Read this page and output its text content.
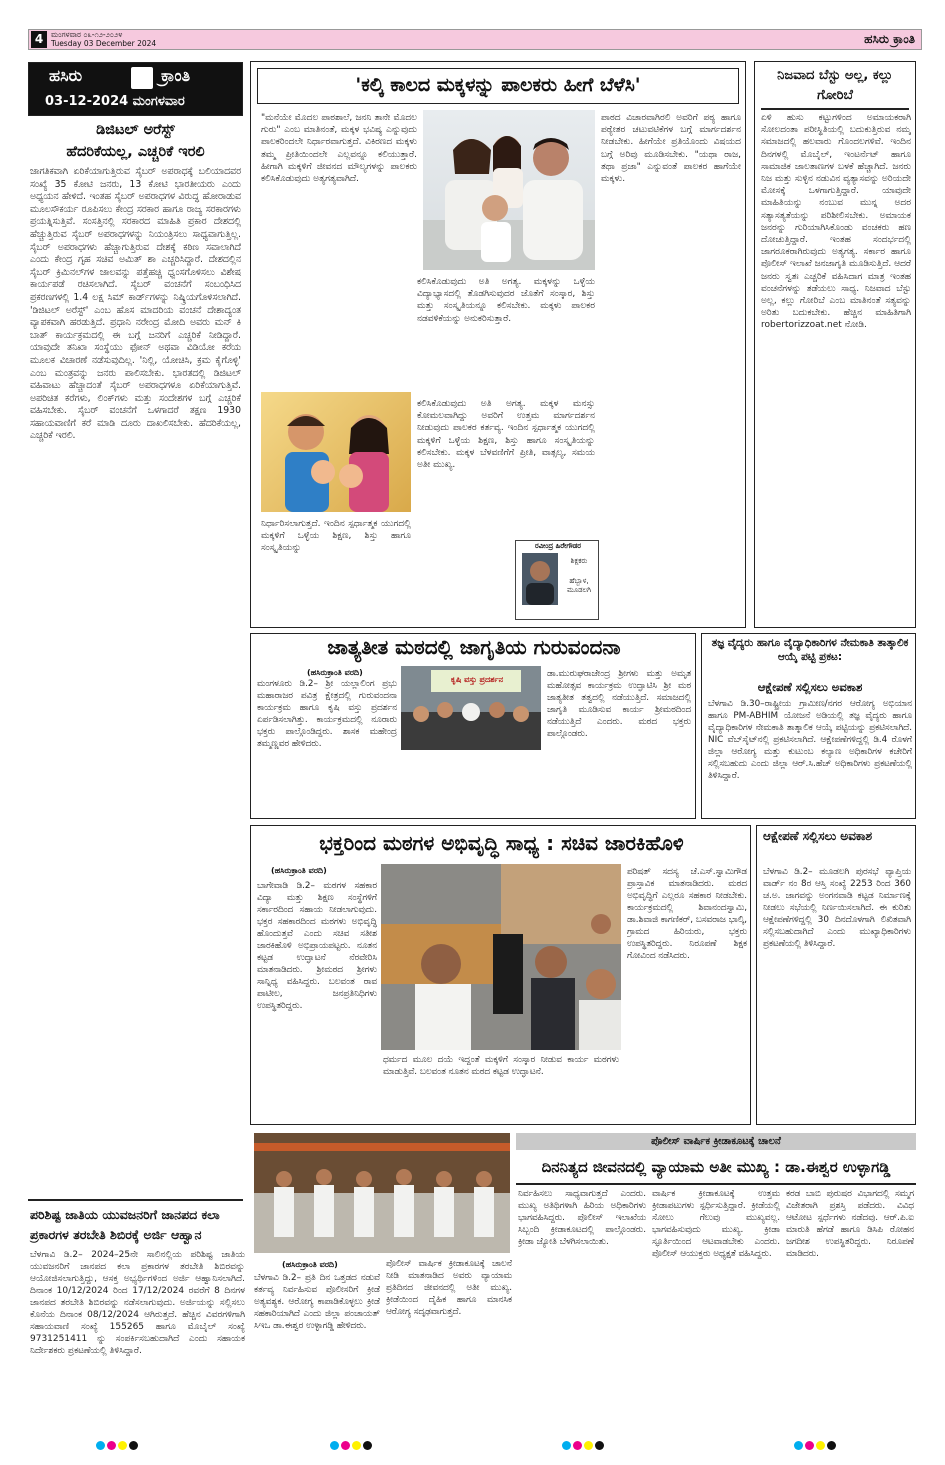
4	ಮಂಗಳವಾರ ೦೩-೧೨-೨೦೨೪
Tuesday 03 December 2024	ಹಸಿರು ಕ್ರಾಂತಿ
ಹಸಿರು	ಕ್ರಾಂತಿ
03-12-2024 ಮಂಗಳವಾರ
ಡಿಜಿಟಲ್ ಅರೆಸ್ಟ್
ಹೆದರಿಕೆಯಲ್ಲ, ಎಚ್ಚರಿಕೆ ಇರಲಿ
ಜಾಗತಿಕವಾಗಿ ಏರಿಕೆಯಾಗುತ್ತಿರುವ ಸೈಬರ್ ಅಪರಾಧಕ್ಕೆ ಬಲಿಯಾದವರ ಸಂಖ್ಯೆ 35 ಕೋಟಿ ಜನರು, 13 ಕೋಟಿ ಭಾರತೀಯರು ಎಂದು ಅಧ್ಯಯನ ಹೇಳಿದೆ. ಇಂತಹ ಸೈಬರ್ ಅಪರಾಧಗಳ ವಿರುದ್ಧ ಹೋರಾಡುವ ಮೂಲಸೌಕರ್ಯ ರೂಪಿಸಲು ಕೇಂದ್ರ ಸರಕಾರ ಹಾಗೂ ರಾಜ್ಯ ಸರಕಾರಗಳು ಪ್ರಯತ್ನಿಸುತ್ತಿವೆ. ಸಂಸತ್ತಿನಲ್ಲಿ ಸರಕಾರದ ಮಾಹಿತಿ ಪ್ರಕಾರ ದೇಶದಲ್ಲಿ ಹೆಚ್ಚುತ್ತಿರುವ ಸೈಬರ್ ಅಪರಾಧಗಳನ್ನು ನಿಯಂತ್ರಿಸಲು ಸಾಧ್ಯವಾಗುತ್ತಿಲ್ಲ. ಸೈಬರ್ ಅಪರಾಧಗಳು ಹೆಚ್ಚಾಗುತ್ತಿರುವ ದೇಶಕ್ಕೆ ಕಠಿಣ ಸವಾಲಾಗಿದೆ ಎಂದು ಕೇಂದ್ರ ಗೃಹ ಸಚಿವ ಅಮಿತ್ ಶಾ ಎಚ್ಚರಿಸಿದ್ದಾರೆ. ದೇಶದಲ್ಲಿನ ಸೈಬರ್ ಕ್ರಿಮಿನಲ್‌ಗಳ ಜಾಲವನ್ನು ಪತ್ತೆಹಚ್ಚಿ ಧ್ವಂಸಗೊಳಿಸಲು ವಿಶೇಷ ಕಾರ್ಯಪಡೆ ರಚಿಸಲಾಗಿದೆ. ಸೈಬರ್ ವಂಚನೆಗೆ ಸಂಬಂಧಿಸಿದ ಪ್ರಕರಣಗಳಲ್ಲಿ 1.4 ಲಕ್ಷ ಸಿಮ್ ಕಾರ್ಡ್‌ಗಳನ್ನು ನಿಷ್ಕ್ರಿಯಗೊಳಿಸಲಾಗಿದೆ. 'ಡಿಜಿಟಲ್ ಅರೆಸ್ಟ್' ಎಂಬ ಹೊಸ ಮಾದರಿಯ ವಂಚನೆ ದೇಶಾದ್ಯಂತ ವ್ಯಾಪಕವಾಗಿ ಹರಡುತ್ತಿದೆ. ಪ್ರಧಾನಿ ನರೇಂದ್ರ ಮೋದಿ ಅವರು ಮನ್ ಕಿ ಬಾತ್ ಕಾರ್ಯಕ್ರಮದಲ್ಲಿ ಈ ಬಗ್ಗೆ ಜನರಿಗೆ ಎಚ್ಚರಿಕೆ ನೀಡಿದ್ದಾರೆ. ಯಾವುದೇ ತನಿಖಾ ಸಂಸ್ಥೆಯು ಫೋನ್ ಅಥವಾ ವಿಡಿಯೋ ಕರೆಯ ಮೂಲಕ ವಿಚಾರಣೆ ನಡೆಸುವುದಿಲ್ಲ. 'ನಿಲ್ಲಿ, ಯೋಚಿಸಿ, ಕ್ರಮ ಕೈಗೊಳ್ಳಿ' ಎಂಬ ಮಂತ್ರವನ್ನು ಜನರು ಪಾಲಿಸಬೇಕು. ಭಾರತದಲ್ಲಿ ಡಿಜಿಟಲ್ ವಹಿವಾಟು ಹೆಚ್ಚಾದಂತೆ ಸೈಬರ್ ಅಪರಾಧಗಳೂ ಏರಿಕೆಯಾಗುತ್ತಿವೆ. ಅಪರಿಚಿತ ಕರೆಗಳು, ಲಿಂಕ್‌ಗಳು ಮತ್ತು ಸಂದೇಶಗಳ ಬಗ್ಗೆ ಎಚ್ಚರಿಕೆ ವಹಿಸಬೇಕು. ಸೈಬರ್ ವಂಚನೆಗೆ ಒಳಗಾದರೆ ತಕ್ಷಣ 1930 ಸಹಾಯವಾಣಿಗೆ ಕರೆ ಮಾಡಿ ದೂರು ದಾಖಲಿಸಬೇಕು. ಹೆದರಿಕೆಯಲ್ಲ, ಎಚ್ಚರಿಕೆ ಇರಲಿ.
ಪರಿಶಿಷ್ಟ ಜಾತಿಯ ಯುವಜನರಿಗೆ ಜಾನಪದ ಕಲಾ ಪ್ರಕಾರಗಳ ತರಬೇತಿ ಶಿಬಿರಕ್ಕೆ ಅರ್ಜಿ ಆಹ್ವಾನ
ಬೆಳಗಾವಿ ಡಿ.2– 2024–25ನೇ ಸಾಲಿನಲ್ಲಿಯ ಪರಿಶಿಷ್ಟ ಜಾತಿಯ ಯುವಜನರಿಗೆ ಜಾನಪದ ಕಲಾ ಪ್ರಕಾರಗಳ ತರಬೇತಿ ಶಿಬಿರವನ್ನು ಆಯೋಜಿಸಲಾಗುತ್ತಿದ್ದು, ಆಸಕ್ತ ಅಭ್ಯರ್ಥಿಗಳಿಂದ ಅರ್ಜಿ ಆಹ್ವಾನಿಸಲಾಗಿದೆ. ದಿನಾಂಕ 10/12/2024 ರಿಂದ 17/12/2024 ರವರೆಗೆ 8 ದಿನಗಳ ಜಾನಪದ ತರಬೇತಿ ಶಿಬಿರವನ್ನು ನಡೆಸಲಾಗುವುದು. ಅರ್ಜಿಯನ್ನು ಸಲ್ಲಿಸಲು ಕೊನೆಯ ದಿನಾಂಕ 08/12/2024 ಆಗಿರುತ್ತದೆ. ಹೆಚ್ಚಿನ ವಿವರಗಳಿಗಾಗಿ ಸಹಾಯವಾಣಿ ಸಂಖ್ಯೆ 155265 ಹಾಗೂ ಮೊಬೈಲ್ ಸಂಖ್ಯೆ 9731251411 ನ್ನು ಸಂಪರ್ಕಿಸಬಹುದಾಗಿದೆ ಎಂದು ಸಹಾಯಕ ನಿರ್ದೇಶಕರು ಪ್ರಕಟಣೆಯಲ್ಲಿ ತಿಳಿಸಿದ್ದಾರೆ.
'ಕಲ್ಕಿ ಕಾಲದ ಮಕ್ಕಳನ್ನು ಪಾಲಕರು ಹೀಗೆ ಬೆಳೆಸಿ'
"ಮನೆಯೇ ಮೊದಲ ಪಾಠಶಾಲೆ, ಜನನಿ ತಾನೇ ಮೊದಲ ಗುರು" ಎಂಬ ಮಾತಿನಂತೆ, ಮಕ್ಕಳ ಭವಿಷ್ಯ ಎನ್ನುವುದು ಪಾಲಕರಿಂದಲೇ ನಿರ್ಧಾರವಾಗುತ್ತದೆ. ವಿಕಿರಣದ ಮಕ್ಕಳು ತಮ್ಮ ಪ್ರೀತಿಯಿಂದಲೇ ಎಲ್ಲವನ್ನೂ ಕಲಿಯುತ್ತಾರೆ. ಹೀಗಾಗಿ ಮಕ್ಕಳಿಗೆ ಜೀವನದ ಮೌಲ್ಯಗಳನ್ನು ಪಾಲಕರು ಕಲಿಸಿಕೊಡುವುದು ಅತ್ಯಗತ್ಯವಾಗಿದೆ.
ಪಾಠದ ವಿಚಾರವಾಗಿರಲಿ ಅವರಿಗೆ ಪಠ್ಯ ಹಾಗೂ ಪಠ್ಯೇತರ ಚಟುವಟಿಕೆಗಳ ಬಗ್ಗೆ ಮಾರ್ಗದರ್ಶನ ನೀಡಬೇಕು. ಹೀಗೆಯೇ ಪ್ರತಿಯೊಂದು ವಿಷಯದ ಬಗ್ಗೆ ಅರಿವು ಮೂಡಿಸಬೇಕು. "ಯಥಾ ರಾಜ, ತಥಾ ಪ್ರಜಾ" ಎನ್ನುವಂತೆ ಪಾಲಕರ ಹಾಗೆಯೇ ಮಕ್ಕಳು.
ಕಲಿಸಿಕೊಡುವುದು ಅತಿ ಅಗತ್ಯ. ಮಕ್ಕಳನ್ನು ಒಳ್ಳೆಯ ವಿದ್ಯಾಭ್ಯಾಸದಲ್ಲಿ ತೊಡಗಿಸುವುದರ ಜೊತೆಗೆ ಸಂಸ್ಕಾರ, ಶಿಸ್ತು ಮತ್ತು ಸಂಸ್ಕೃತಿಯನ್ನೂ ಕಲಿಸಬೇಕು. ಮಕ್ಕಳು ಪಾಲಕರ ನಡವಳಿಕೆಯನ್ನು ಅನುಕರಿಸುತ್ತಾರೆ.
ಕಲಿಸಿಕೊಡುವುದು ಅತಿ ಅಗತ್ಯ. ಮಕ್ಕಳ ಮನಸ್ಸು ಕೋಮಲವಾಗಿದ್ದು ಅವರಿಗೆ ಉತ್ತಮ ಮಾರ್ಗದರ್ಶನ ನೀಡುವುದು ಪಾಲಕರ ಕರ್ತವ್ಯ. ಇಂದಿನ ಸ್ಪರ್ಧಾತ್ಮಕ ಯುಗದಲ್ಲಿ ಮಕ್ಕಳಿಗೆ ಒಳ್ಳೆಯ ಶಿಕ್ಷಣ, ಶಿಸ್ತು ಹಾಗೂ ಸಂಸ್ಕೃತಿಯನ್ನು ಕಲಿಸಬೇಕು. ಮಕ್ಕಳ ಬೆಳವಣಿಗೆಗೆ ಪ್ರೀತಿ, ವಾತ್ಸಲ್ಯ, ಸಮಯ ಅತೀ ಮುಖ್ಯ.
ನಿರ್ಧಾರಿಸಲಾಗುತ್ತದೆ. ಇಂದಿನ ಸ್ಪರ್ಧಾತ್ಮಕ ಯುಗದಲ್ಲಿ ಮಕ್ಕಳಿಗೆ ಒಳ್ಳೆಯ ಶಿಕ್ಷಣ, ಶಿಸ್ತು ಹಾಗೂ ಸಂಸ್ಕೃತಿಯನ್ನು	ರವೀಂದ್ರ ಹಿರೇಗೌಡರ
ಶಿಕ್ಷಕರು
ಹೆಬ್ಬಾಳ, ಮೂಡಲಗಿ
ನಿಜವಾದ ಬೆಸ್ಟು ಅಲ್ಲ, ಕಲ್ಲು ಗೋರಿಬೆ
ಏಳಿ ಹುಸು ಕಟ್ಟುಗಳಿಂದ ಅಮಾಯಕರಾಗಿ ಸೋಲದಂತಾ ಪರೀಸ್ಥಿತಿಯಲ್ಲಿ ಬದುಕುತ್ತಿರುವ ನಮ್ಮ ಸಮಾಜದಲ್ಲಿ ಹಲವಾರು ಗೊಂದಲಗಳಿವೆ. ಇಂದಿನ ದಿನಗಳಲ್ಲಿ ಮೊಬೈಲ್, ಇಂಟರ್ನೆಟ್ ಹಾಗೂ ಸಾಮಾಜಿಕ ಜಾಲತಾಣಗಳ ಬಳಕೆ ಹೆಚ್ಚಾಗಿದೆ. ಜನರು ನಿಜ ಮತ್ತು ಸುಳ್ಳಿನ ನಡುವಿನ ವ್ಯತ್ಯಾಸವನ್ನು ಅರಿಯದೇ ಮೋಸಕ್ಕೆ ಒಳಗಾಗುತ್ತಿದ್ದಾರೆ. ಯಾವುದೇ ಮಾಹಿತಿಯನ್ನು ನಂಬುವ ಮುನ್ನ ಅದರ ಸತ್ಯಾಸತ್ಯತೆಯನ್ನು ಪರಿಶೀಲಿಸಬೇಕು. ಅಮಾಯಕ ಜನರನ್ನು ಗುರಿಯಾಗಿಸಿಕೊಂಡು ವಂಚಕರು ಹಣ ದೋಚುತ್ತಿದ್ದಾರೆ. ಇಂತಹ ಸಂದರ್ಭದಲ್ಲಿ ಜಾಗರೂಕರಾಗಿರುವುದು ಅತ್ಯಗತ್ಯ. ಸರ್ಕಾರ ಹಾಗೂ ಪೊಲೀಸ್ ಇಲಾಖೆ ಜನಜಾಗೃತಿ ಮೂಡಿಸುತ್ತಿದೆ. ಆದರೆ ಜನರು ಸ್ವತಃ ಎಚ್ಚರಿಕೆ ವಹಿಸಿದಾಗ ಮಾತ್ರ ಇಂತಹ ವಂಚನೆಗಳನ್ನು ತಡೆಯಲು ಸಾಧ್ಯ. ನಿಜವಾದ ಬೆಸ್ಟು ಅಲ್ಲ, ಕಲ್ಲು ಗೋರಿಬೆ ಎಂಬ ಮಾತಿನಂತೆ ಸತ್ಯವನ್ನು ಅರಿತು ಬದುಕಬೇಕು. ಹೆಚ್ಚಿನ ಮಾಹಿತಿಗಾಗಿ robertorizzoat.net ನೋಡಿ.
ಜಾತ್ಯತೀತ ಮಠದಲ್ಲಿ ಜಾಗೃತಿಯ ಗುರುವಂದನಾ
(ಹಸಿರುಕ್ರಾಂತಿ ವರದಿ)
ಮಂಗಳೂರು ಡಿ.2– ಶ್ರೀ ಯಲ್ಲಾಲಿಂಗ ಪ್ರಭು ಮಹಾರಾಜರ ಪವಿತ್ರ ಕ್ಷೇತ್ರದಲ್ಲಿ ಗುರುವಂದನಾ ಕಾರ್ಯಕ್ರಮ ಹಾಗೂ ಕೃಷಿ ವಸ್ತು ಪ್ರದರ್ಶನ ಏರ್ಪಡಿಸಲಾಗಿತ್ತು. ಕಾರ್ಯಕ್ರಮದಲ್ಲಿ ನೂರಾರು ಭಕ್ತರು ಪಾಲ್ಗೊಂಡಿದ್ದರು. ಶಾಸಕ ಮಹೇಂದ್ರ ತಮ್ಮಣ್ಣವರ ಹೇಳಿದರು.
ಕೃಷಿ ವಸ್ತು ಪ್ರದರ್ಶನ
ಡಾ.ಮುರುಘರಾಜೇಂದ್ರ ಶ್ರೀಗಳು ಮತ್ತು ಅಮೃತ ಮಹೋತ್ಸವ ಕಾರ್ಯಕ್ರಮ ಉದ್ಘಾಟಿಸಿ ಶ್ರೀ ಮಠ ಜಾತ್ಯತೀತ ತತ್ವದಲ್ಲಿ ನಡೆಯುತ್ತಿದೆ. ಸಮಾಜದಲ್ಲಿ ಜಾಗೃತಿ ಮೂಡಿಸುವ ಕಾರ್ಯ ಶ್ರೀಮಠದಿಂದ ನಡೆಯುತ್ತಿದೆ ಎಂದರು. ಮಠದ ಭಕ್ತರು ಪಾಲ್ಗೊಂಡರು.
ತಜ್ಞ ವೈದ್ಯರು ಹಾಗೂ ವೈದ್ಯಾಧಿಕಾರಿಗಳ ನೇಮಕಾತಿ ತಾತ್ಕಾಲಿಕ ಆಯ್ಕೆ ಪಟ್ಟಿ ಪ್ರಕಟ:
ಆಕ್ಷೇಪಣೆ ಸಲ್ಲಿಸಲು ಅವಕಾಶ
ಬೆಳಗಾವಿ ಡಿ.30–ರಾಷ್ಟ್ರೀಯ ಗ್ರಾಮೀಣ/ನಗರ ಆರೋಗ್ಯ ಅಭಿಯಾನ ಹಾಗೂ PM-ABHIM ಯೋಜನೆ ಅಡಿಯಲ್ಲಿ ತಜ್ಞ ವೈದ್ಯರು ಹಾಗೂ ವೈದ್ಯಾಧಿಕಾರಿಗಳ ನೇಮಕಾತಿ ತಾತ್ಕಾಲಿಕ ಆಯ್ಕೆ ಪಟ್ಟಿಯನ್ನು ಪ್ರಕಟಿಸಲಾಗಿದೆ. NIC ವೆಬ್‌ಸೈಟ್‌ನಲ್ಲಿ ಪ್ರಕಟಿಸಲಾಗಿದೆ. ಆಕ್ಷೇಪಣೆಗಳಿದ್ದಲ್ಲಿ ಡಿ.4 ರೊಳಗೆ ಜಿಲ್ಲಾ ಆರೋಗ್ಯ ಮತ್ತು ಕುಟುಂಬ ಕಲ್ಯಾಣ ಅಧಿಕಾರಿಗಳ ಕಚೇರಿಗೆ ಸಲ್ಲಿಸಬಹುದು ಎಂದು ಜಿಲ್ಲಾ ಆರ್.ಸಿ.ಹೆಚ್ ಅಧಿಕಾರಿಗಳು ಪ್ರಕಟಣೆಯಲ್ಲಿ ತಿಳಿಸಿದ್ದಾರೆ.
ಭಕ್ತರಿಂದ ಮಠಗಳ ಅಭಿವೃದ್ಧಿ ಸಾಧ್ಯ : ಸಚಿವ ಜಾರಕಿಹೊಳಿ
(ಹಸಿರುಕ್ರಾಂತಿ ವರದಿ)
ಬಾಗೇವಾಡಿ ಡಿ.2– ಮಠಗಳ ಸಹಕಾರ ವಿದ್ಯಾ ಮತ್ತು ಶಿಕ್ಷಣ ಸಂಸ್ಥೆಗಳಿಗೆ ಸರ್ಕಾರದಿಂದ ಸಹಾಯ ನೀಡಲಾಗುವುದು. ಭಕ್ತರ ಸಹಕಾರದಿಂದ ಮಠಗಳು ಅಭಿವೃದ್ಧಿ ಹೊಂದುತ್ತವೆ ಎಂದು ಸಚಿವ ಸತೀಶ ಜಾರಕಿಹೊಳಿ ಅಭಿಪ್ರಾಯಪಟ್ಟರು. ನೂತನ ಕಟ್ಟಡ ಉದ್ಘಾಟನೆ ನೆರವೇರಿಸಿ ಮಾತನಾಡಿದರು. ಶ್ರೀಮಠದ ಶ್ರೀಗಳು ಸಾನ್ನಿಧ್ಯ ವಹಿಸಿದ್ದರು. ಬಲವಂತ ರಾವ ಪಾಟೀಲ, ಜನಪ್ರತಿನಿಧಿಗಳು ಉಪಸ್ಥಿತರಿದ್ದರು.
ಧರ್ಮದ ಮೂಲ ದಯೆ ಇದ್ದಂತೆ ಮಕ್ಕಳಿಗೆ ಸಂಸ್ಕಾರ ನೀಡುವ ಕಾರ್ಯ ಮಠಗಳು ಮಾಡುತ್ತಿವೆ. ಬಲವಂತ ನೂತನ ಮಠದ ಕಟ್ಟಡ ಉದ್ಘಾಟನೆ.
ಪರಿಷತ್ ಸದಸ್ಯ ಚೆ.ಎಸ್.ಸ್ವಾಮಿಗೌಡ ಪ್ರಾಸ್ತಾವಿಕ ಮಾತನಾಡಿದರು. ಮಠದ ಅಭಿವೃದ್ಧಿಗೆ ಎಲ್ಲರೂ ಸಹಕಾರ ನೀಡಬೇಕು. ಕಾರ್ಯಕ್ರಮದಲ್ಲಿ ಶಿವಾನಂದಸ್ವಾಮಿ, ಡಾ.ಶಿವಾಜಿ ಕಾಗಣಿಕರ್, ಬಸವರಾಜ ಭಾಲ್ಕಿ, ಗ್ರಾಮದ ಹಿರಿಯರು, ಭಕ್ತರು ಉಪಸ್ಥಿತರಿದ್ದರು. ನಿರೂಪಣೆ ಶಿಕ್ಷಕ ಗೋವಿಂದ ನಡೆಸಿದರು.
ಆಕ್ಷೇಪಣೆ ಸಲ್ಲಿಸಲು ಅವಕಾಶ
ಬೆಳಗಾವಿ ಡಿ.2– ಮೂಡಲಗಿ ಪುರಸಭೆ ವ್ಯಾಪ್ತಿಯ ವಾರ್ಡ್ ನಂ 8ರ ಆಸ್ತಿ ಸಂಖ್ಯೆ 2253 ರಿಂದ 360 ಚ.ಅ. ಜಾಗವನ್ನು ಅಂಗನವಾಡಿ ಕಟ್ಟಡ ನಿರ್ಮಾಣಕ್ಕೆ ನೀಡಲು ಸಭೆಯಲ್ಲಿ ನಿರ್ಣಯಿಸಲಾಗಿದೆ. ಈ ಕುರಿತು ಆಕ್ಷೇಪಣೆಗಳಿದ್ದಲ್ಲಿ 30 ದಿನದೊಳಗಾಗಿ ಲಿಖಿತವಾಗಿ ಸಲ್ಲಿಸಬಹುದಾಗಿದೆ ಎಂದು ಮುಖ್ಯಾಧಿಕಾರಿಗಳು ಪ್ರಕಟಣೆಯಲ್ಲಿ ತಿಳಿಸಿದ್ದಾರೆ.
ಪೊಲೀಸ್ ವಾರ್ಷಿಕ ಕ್ರೀಡಾಕೂಟಕ್ಕೆ ಚಾಲನೆ
ದಿನನಿತ್ಯದ ಜೀವನದಲ್ಲಿ ವ್ಯಾಯಾಮ ಅತೀ ಮುಖ್ಯ : ಡಾ.ಈಶ್ವರ ಉಳ್ಳಾಗಡ್ಡಿ
(ಹಸಿರುಕ್ರಾಂತಿ ವರದಿ)
ಬೆಳಗಾವಿ ಡಿ.2– ಪ್ರತಿ ದಿನ ಒತ್ತಡದ ನಡುವೆ ಕರ್ತವ್ಯ ನಿರ್ವಹಿಸುವ ಪೊಲೀಸರಿಗೆ ಕ್ರೀಡೆ ಅತ್ಯವಶ್ಯಕ. ಆರೋಗ್ಯ ಕಾಪಾಡಿಕೊಳ್ಳಲು ಕ್ರೀಡೆ ಸಹಕಾರಿಯಾಗಿದೆ ಎಂದು ಜಿಲ್ಲಾ ಪಂಚಾಯತ್ ಸಿಇಒ ಡಾ.ಈಶ್ವರ ಉಳ್ಳಾಗಡ್ಡಿ ಹೇಳಿದರು.
ಪೊಲೀಸ್ ವಾರ್ಷಿಕ ಕ್ರೀಡಾಕೂಟಕ್ಕೆ ಚಾಲನೆ ನೀಡಿ ಮಾತನಾಡಿದ ಅವರು ವ್ಯಾಯಾಮ ಪ್ರತಿದಿನದ ಜೀವನದಲ್ಲಿ ಅತೀ ಮುಖ್ಯ. ಕ್ರೀಡೆಯಿಂದ ದೈಹಿಕ ಹಾಗೂ ಮಾನಸಿಕ ಆರೋಗ್ಯ ಸದೃಢವಾಗುತ್ತದೆ.
ನಿರ್ವಹಿಸಲು ಸಾಧ್ಯವಾಗುತ್ತದೆ ಎಂದರು. ಮುಖ್ಯ ಅತಿಥಿಗಳಾಗಿ ಹಿರಿಯ ಅಧಿಕಾರಿಗಳು ಭಾಗವಹಿಸಿದ್ದರು. ಪೊಲೀಸ್ ಇಲಾಖೆಯ ಸಿಬ್ಬಂದಿ ಕ್ರೀಡಾಕೂಟದಲ್ಲಿ ಪಾಲ್ಗೊಂಡರು. ಕ್ರೀಡಾ ಜ್ಯೋತಿ ಬೆಳಗಿಸಲಾಯಿತು.
ವಾರ್ಷಿಕ ಕ್ರೀಡಾಕೂಟಕ್ಕೆ ಉತ್ತಮ ಕ್ರೀಡಾಪಟುಗಳು ಸ್ಪರ್ಧಿಸುತ್ತಿದ್ದಾರೆ. ಕ್ರೀಡೆಯಲ್ಲಿ ಸೋಲು ಗೆಲುವು ಮುಖ್ಯವಲ್ಲ. ಭಾಗವಹಿಸುವುದು ಮುಖ್ಯ. ಕ್ರೀಡಾ ಸ್ಫೂರ್ತಿಯಿಂದ ಆಟವಾಡಬೇಕು ಎಂದರು. ಪೊಲೀಸ್ ಆಯುಕ್ತರು ಅಧ್ಯಕ್ಷತೆ ವಹಿಸಿದ್ದರು.
ಕರಡ ಬಾಬಿ ಪುರುಷರ ವಿಭಾಗದಲ್ಲಿ ಸಮ್ಮಗ ವಿಜೇತರಾಗಿ ಪ್ರಶಸ್ತಿ ಪಡೆದರು. ವಿವಿಧ ಆಟೋಟ ಸ್ಪರ್ಧೆಗಳು ನಡೆದವು. ಆರ್.ಪಿ.ಐ ಮಾರುತಿ ಹೆಗಡೆ ಹಾಗೂ ಡಿಸಿಪಿ ರೋಹನ ಜಗದೀಶ ಉಪಸ್ಥಿತರಿದ್ದರು. ನಿರೂಪಣೆ ಮಾಡಿದರು.
